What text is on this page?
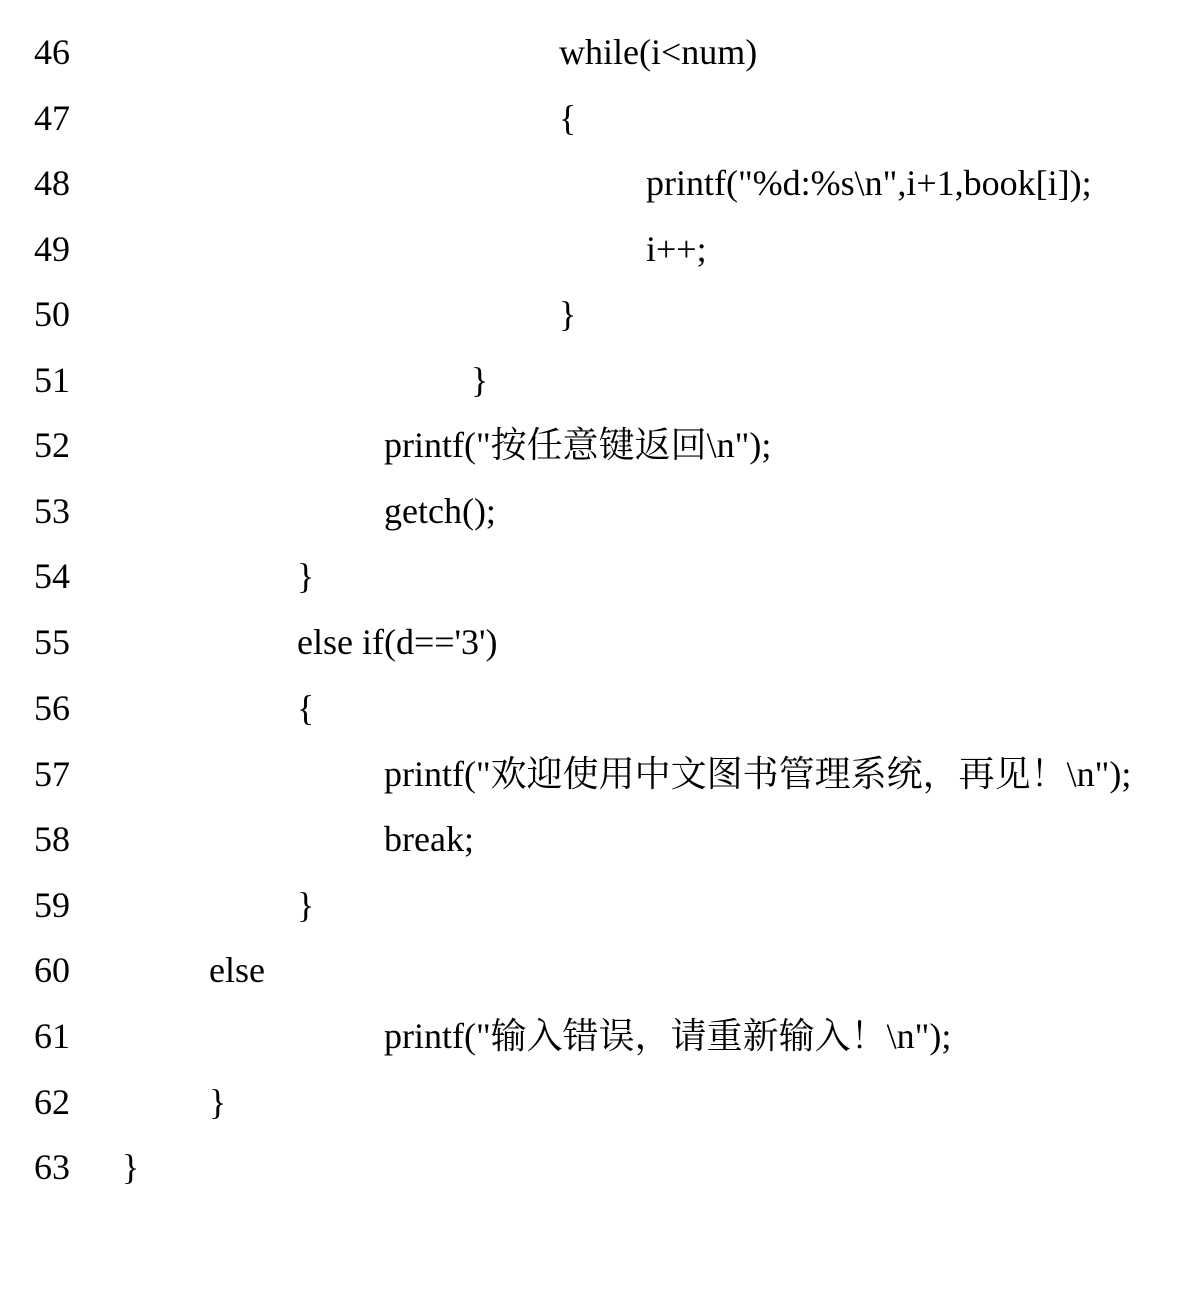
46

	while(i<num)

47

	{

48

	printf("%d:%s\n",i+1,book[i]);

49

	i++;

50

	}

51

	}

52

	printf("按任意键返回\n");

53

	getch();

54

	}

55

	else if(d=='3')

56

	{

57

	printf("欢迎使用中文图书管理系统，再见！\n");

58

	break;

59

	}

60

	else

61

	printf("输入错误，请重新输入！\n");

62

	}

63

}
